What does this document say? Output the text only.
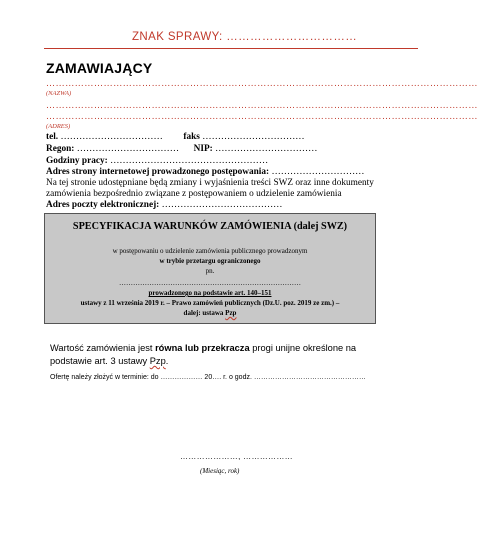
ZNAK SPRAWY: ……………………………
ZAMAWIAJĄCY
………………………………………………………………………………………………………………………
(NAZWA)
………………………………………………………………………………………………………………………
………………………………………………………………………………………………………………………
(ADRES)
tel. …………………………… faks ……………………………
Regon: …………………………… NIP: ……………………………
Godziny pracy: ……………………………………………
Adres strony internetowej prowadzonego postępowania: …………………………
Na tej stronie udostępniane będą zmiany i wyjaśnienia treści SWZ oraz inne dokumenty
zamówienia bezpośrednio związane z postępowaniem o udzielenie zamówienia
Adres poczty elektronicznej: …………………………………
SPECYFIKACJA WARUNKÓW ZAMÓWIENIA (dalej SWZ)
w postępowaniu o udzielenie zamówienia publicznego prowadzonym
w trybie przetargu ograniczonego
pn.
……………………………………………………………………
prowadzonego na podstawie art. 140–151
ustawy z 11 września 2019 r. – Prawo zamówień publicznych (Dz.U. poz. 2019 ze zm.) –
dalej: ustawa Pzp
Wartość zamówienia jest równa lub przekracza progi unijne określone na podstawie art. 3 ustawy Pzp.
Ofertę należy złożyć w terminie: do ……………… 20…. r. o godz. …………………………………………
…………………, ………………
(Miesiąc, rok)
